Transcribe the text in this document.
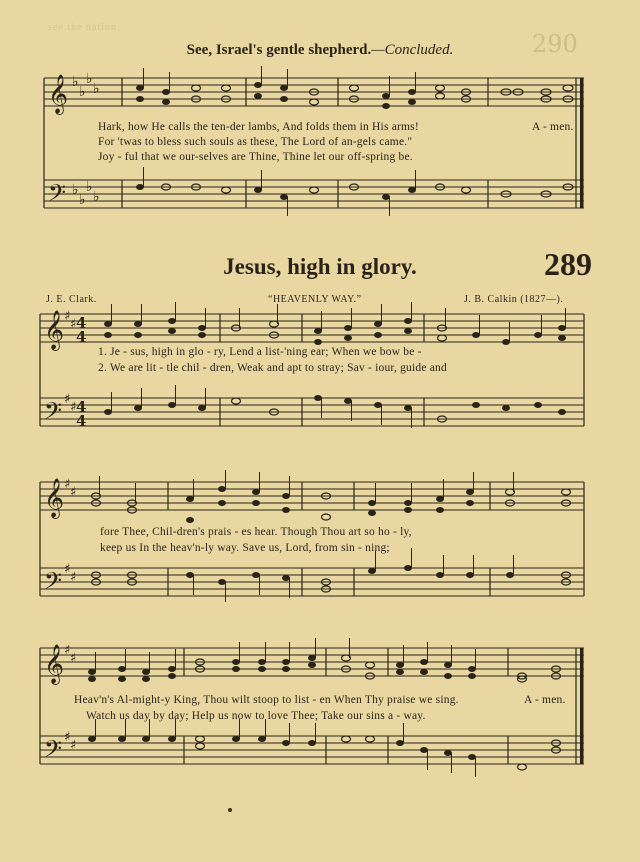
see the nation
290
See, Israel's gentle shepherd.—Concluded.
𝄞
𝄢
♭
♭
♭
♭
♭
♭
♭
♭
Hark, how He calls the ten-der lambs, And folds them in His arms!	A - men.
For 'twas to bless such souls as these, The Lord of an-gels came."
Joy - ful that we our-selves are Thine, Thine let our off-spring be.
Jesus, high in glory.	289
J. E. Clark.	“HEAVENLY WAY.”	J. B. Calkin (1827—).
𝄞
𝄢
♯
♯
♯
♯
4
4
4
4
1. Je - sus, high in glo - ry, Lend a list-'ning ear; When we bow be -
2. We are lit - tle chil - dren, Weak and apt to stray; Sav - iour, guide and
𝄞
𝄢
♯
♯
♯
♯
fore Thee, Chil-dren's prais - es hear. Though Thou art so ho - ly,
keep us In the heav'n-ly way. Save us, Lord, from sin - ning;
𝄞
𝄢
♯
♯
♯
♯
Heav'n's Al-might-y King, Thou wilt stoop to list - en When Thy praise we sing.	A - men.
Watch us day by day; Help us now to love Thee; Take our sins a - way.
